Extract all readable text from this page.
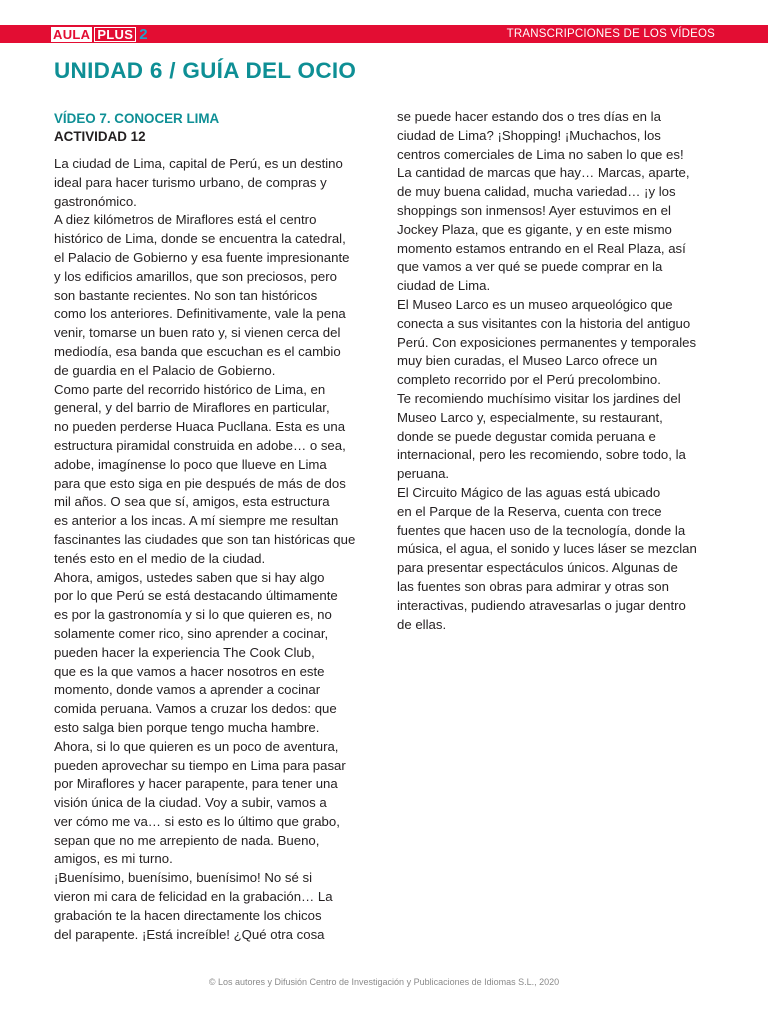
AULA PLUS 2	TRANSCRIPCIONES DE LOS VÍDEOS
UNIDAD 6 / GUÍA DEL OCIO

VÍDEO 7. CONOCER LIMA

ACTIVIDAD 12

La ciudad de Lima, capital de Perú, es un destino
ideal para hacer turismo urbano, de compras y
gastronómico.

A diez kilómetros de Miraflores está el centro
histórico de Lima, donde se encuentra la catedral,
el Palacio de Gobierno y esa fuente impresionante
y los edificios amarillos, que son preciosos, pero
son bastante recientes. No son tan históricos
como los anteriores. Definitivamente, vale la pena
venir, tomarse un buen rato y, si vienen cerca del
mediodía, esa banda que escuchan es el cambio
de guardia en el Palacio de Gobierno.

Como parte del recorrido histórico de Lima, en
general, y del barrio de Miraflores en particular,
no pueden perderse Huaca Pucllana. Esta es una
estructura piramidal construida en adobe… o sea,
adobe, imagínense lo poco que llueve en Lima
para que esto siga en pie después de más de dos
mil años. O sea que sí, amigos, esta estructura
es anterior a los incas. A mí siempre me resultan
fascinantes las ciudades que son tan históricas que
tenés esto en el medio de la ciudad.

Ahora, amigos, ustedes saben que si hay algo
por lo que Perú se está destacando últimamente
es por la gastronomía y si lo que quieren es, no
solamente comer rico, sino aprender a cocinar,
pueden hacer la experiencia The Cook Club,
que es la que vamos a hacer nosotros en este
momento, donde vamos a aprender a cocinar
comida peruana. Vamos a cruzar los dedos: que
esto salga bien porque tengo mucha hambre.

Ahora, si lo que quieren es un poco de aventura,
pueden aprovechar su tiempo en Lima para pasar
por Miraflores y hacer parapente, para tener una
visión única de la ciudad. Voy a subir, vamos a
ver cómo me va… si esto es lo último que grabo,
sepan que no me arrepiento de nada. Bueno,
amigos, es mi turno.

¡Buenísimo, buenísimo, buenísimo! No sé si
vieron mi cara de felicidad en la grabación… La
grabación te la hacen directamente los chicos
del parapente. ¡Está increíble! ¿Qué otra cosa

se puede hacer estando dos o tres días en la
ciudad de Lima? ¡Shopping! ¡Muchachos, los
centros comerciales de Lima no saben lo que es!
La cantidad de marcas que hay… Marcas, aparte,
de muy buena calidad, mucha variedad… ¡y los
shoppings son inmensos! Ayer estuvimos en el
Jockey Plaza, que es gigante, y en este mismo
momento estamos entrando en el Real Plaza, así
que vamos a ver qué se puede comprar en la
ciudad de Lima.

El Museo Larco es un museo arqueológico que
conecta a sus visitantes con la historia del antiguo
Perú. Con exposiciones permanentes y temporales
muy bien curadas, el Museo Larco ofrece un
completo recorrido por el Perú precolombino.

Te recomiendo muchísimo visitar los jardines del
Museo Larco y, especialmente, su restaurant,
donde se puede degustar comida peruana e
internacional, pero les recomiendo, sobre todo, la
peruana.

El Circuito Mágico de las aguas está ubicado
en el Parque de la Reserva, cuenta con trece
fuentes que hacen uso de la tecnología, donde la
música, el agua, el sonido y luces láser se mezclan
para presentar espectáculos únicos. Algunas de
las fuentes son obras para admirar y otras son
interactivas, pudiendo atravesarlas o jugar dentro
de ellas.

© Los autores y Difusión Centro de Investigación y Publicaciones de Idiomas S.L., 2020
